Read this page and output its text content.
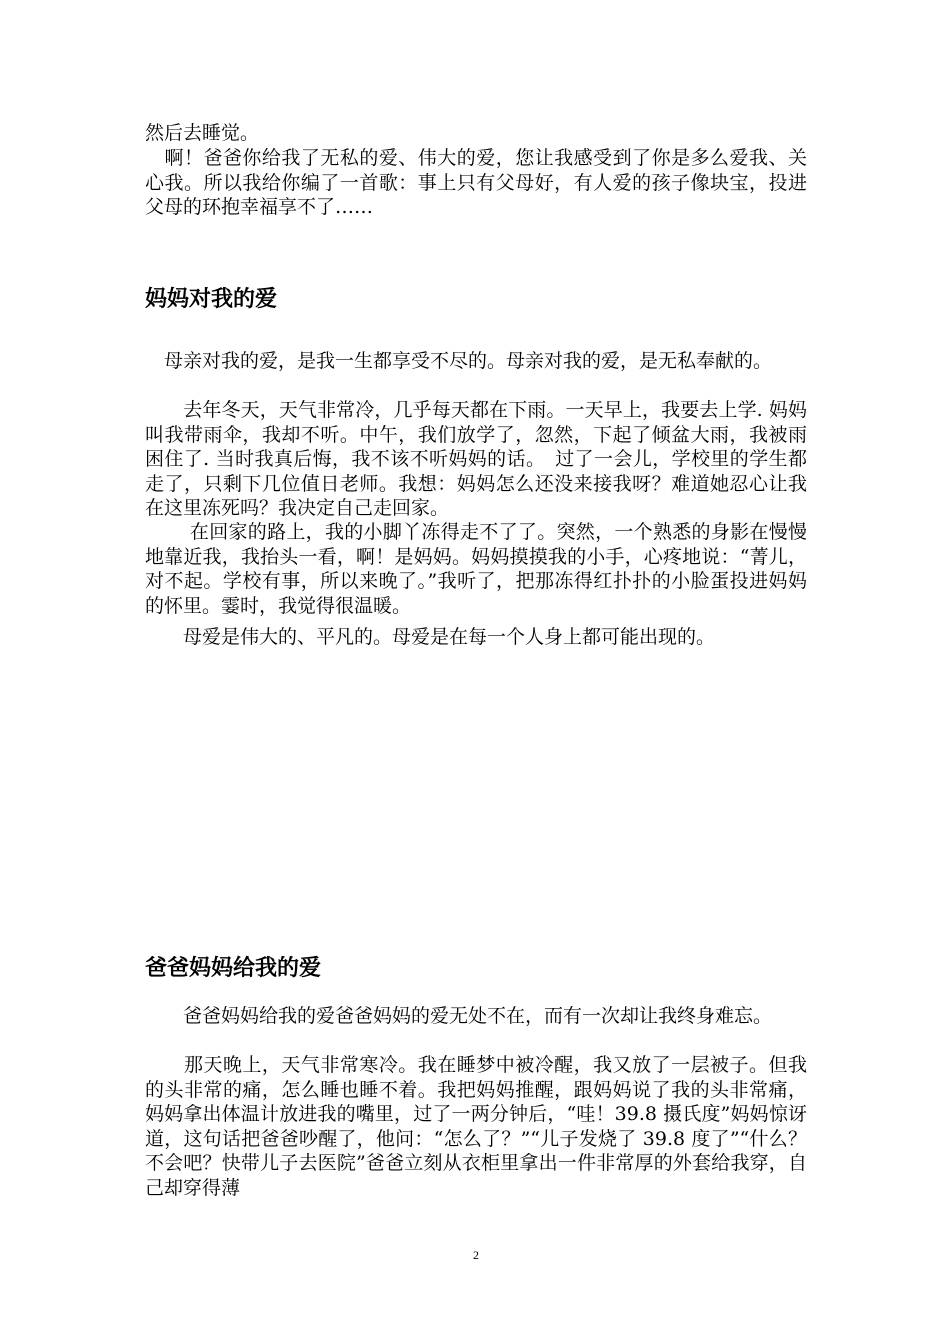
然后去睡觉。

　啊！爸爸你给我了无私的爱、伟大的爱，您让我感受到了你是多么爱我、关心我。所以我给你编了一首歌：事上只有父母好，有人爱的孩子像块宝，投进父母的环抱幸福享不了……

妈妈对我的爱

　母亲对我的爱，是我一生都享受不尽的。母亲对我的爱，是无私奉献的。

　　去年冬天，天气非常冷，几乎每天都在下雨。一天早上，我要去上学. 妈妈叫我带雨伞，我却不听。中午，我们放学了，忽然，下起了倾盆大雨，我被雨困住了. 当时我真后悔，我不该不听妈妈的话。　过了一会儿，学校里的学生都走了，只剩下几位值日老师。我想：妈妈怎么还没来接我呀？难道她忍心让我在这里冻死吗？我决定自己走回家。

　　 在回家的路上，我的小脚丫冻得走不了了。突然，一个熟悉的身影在慢慢地靠近我，我抬头一看，啊！是妈妈。妈妈摸摸我的小手，心疼地说：“菁儿，对不起。学校有事，所以来晚了。”我听了，把那冻得红扑扑的小脸蛋投进妈妈的怀里。霎时，我觉得很温暖。

　　母爱是伟大的、平凡的。母爱是在每一个人身上都可能出现的。

爸爸妈妈给我的爱

　　爸爸妈妈给我的爱爸爸妈妈的爱无处不在，而有一次却让我终身难忘。

　　那天晚上，天气非常寒冷。我在睡梦中被冷醒，我又放了一层被子。但我的头非常的痛，怎么睡也睡不着。我把妈妈推醒，跟妈妈说了我的头非常痛，妈妈拿出体温计放进我的嘴里，过了一两分钟后，“哇！39.8 摄氏度”妈妈惊讶道，这句话把爸爸吵醒了，他问：“怎么了？”“儿子发烧了 39.8 度了”“什么？不会吧？快带儿子去医院”爸爸立刻从衣柜里拿出一件非常厚的外套给我穿，自己却穿得薄

2
